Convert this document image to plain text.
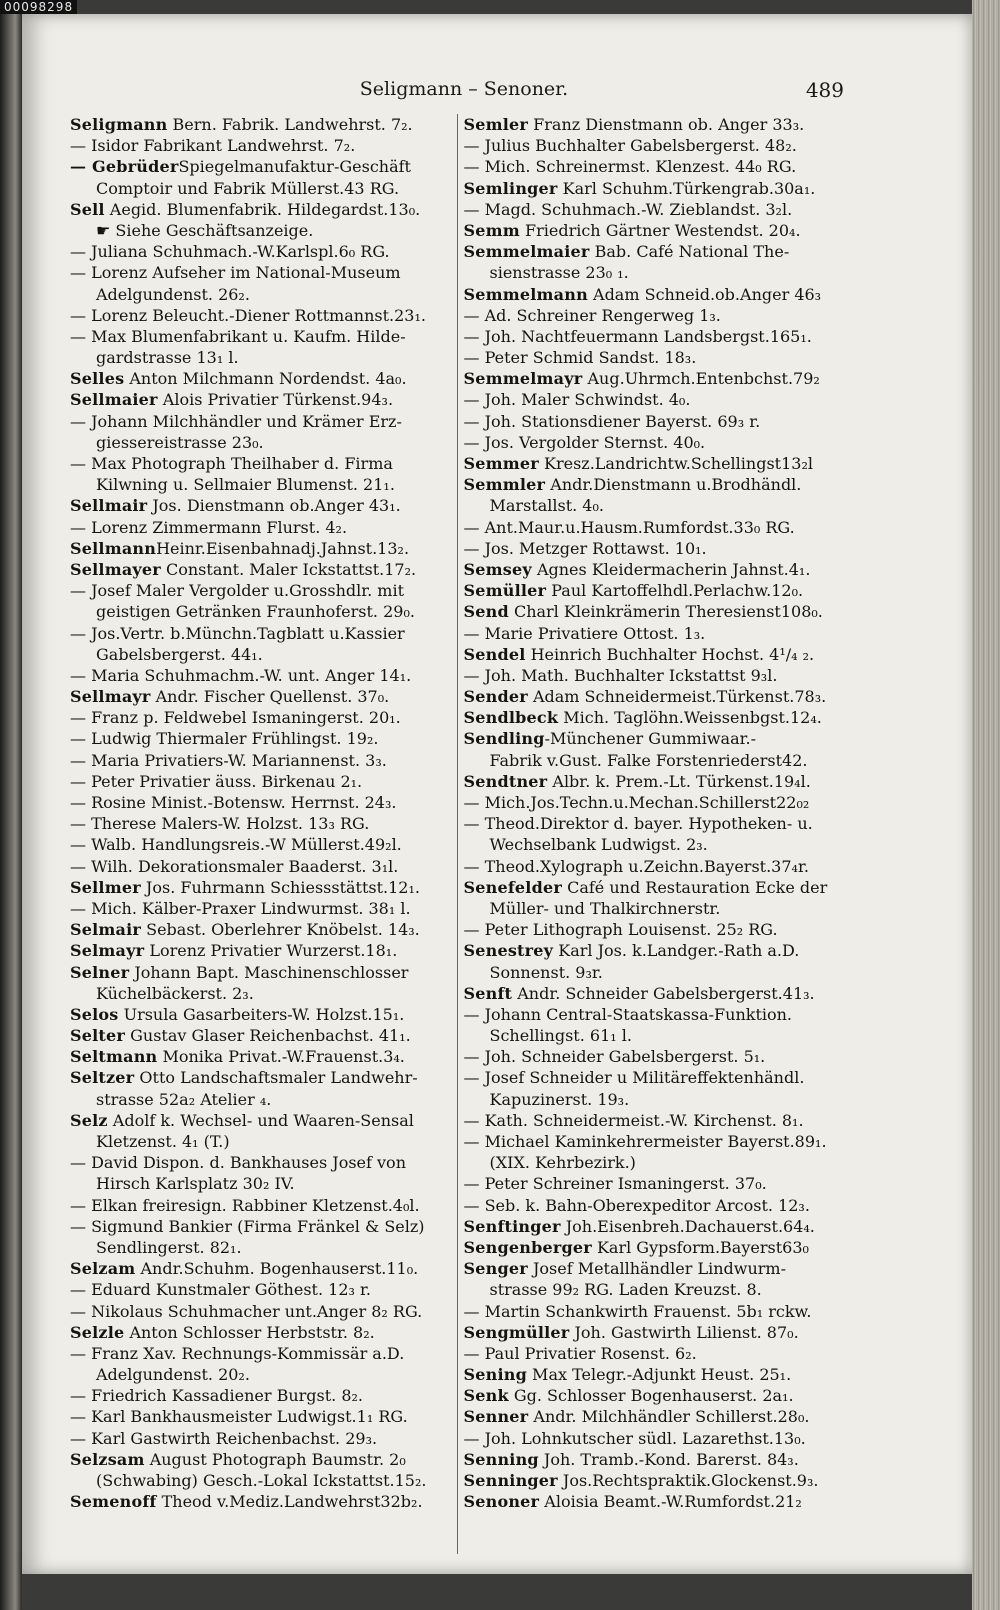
00098298
Seligmann – Senoner.	489
Seligmann Bern. Fabrik. Landwehrst. 7₂.
— Isidor Fabrikant Landwehrst. 7₂.
— GebrüderSpiegelmanufaktur-Geschäft
Comptoir und Fabrik Müllerst.43 RG.
Sell Aegid. Blumenfabrik. Hildegardst.13₀.
☛ Siehe Geschäftsanzeige.
— Juliana Schuhmach.-W.Karlspl.6₀ RG.
— Lorenz Aufseher im National-Museum
Adelgundenst. 26₂.
— Lorenz Beleucht.-Diener Rottmannst.23₁.
— Max Blumenfabrikant u. Kaufm. Hilde-
gardstrasse 13₁ l.
Selles Anton Milchmann Nordendst. 4a₀.
Sellmaier Alois Privatier Türkenst.94₃.
— Johann Milchhändler und Krämer Erz-
giessereistrasse 23₀.
— Max Photograph Theilhaber d. Firma
Kilwning u. Sellmaier Blumenst. 21₁.
Sellmair Jos. Dienstmann ob.Anger 43₁.
— Lorenz Zimmermann Flurst. 4₂.
SellmannHeinr.Eisenbahnadj.Jahnst.13₂.
Sellmayer Constant. Maler Ickstattst.17₂.
— Josef Maler Vergolder u.Grosshdlr. mit
geistigen Getränken Fraunhoferst. 29₀.
— Jos.Vertr. b.Münchn.Tagblatt u.Kassier
Gabelsbergerst. 44₁.
— Maria Schuhmachm.-W. unt. Anger 14₁.
Sellmayr Andr. Fischer Quellenst. 37₀.
— Franz p. Feldwebel Ismaningerst. 20₁.
— Ludwig Thiermaler Frühlingst. 19₂.
— Maria Privatiers-W. Mariannenst. 3₃.
— Peter Privatier äuss. Birkenau 2₁.
— Rosine Minist.-Botensw. Herrnst. 24₃.
— Therese Malers-W. Holzst. 13₃ RG.
— Walb. Handlungsreis.-W Müllerst.49₂l.
— Wilh. Dekorationsmaler Baaderst. 3₁l.
Sellmer Jos. Fuhrmann Schiessstättst.12₁.
— Mich. Kälber-Praxer Lindwurmst. 38₁ l.
Selmair Sebast. Oberlehrer Knöbelst. 14₃.
Selmayr Lorenz Privatier Wurzerst.18₁.
Selner Johann Bapt. Maschinenschlosser
Küchelbäckerst. 2₃.
Selos Ursula Gasarbeiters-W. Holzst.15₁.
Selter Gustav Glaser Reichenbachst. 41₁.
Seltmann Monika Privat.-W.Frauenst.3₄.
Seltzer Otto Landschaftsmaler Landwehr-
strasse 52a₂ Atelier ₄.
Selz Adolf k. Wechsel- und Waaren-Sensal
Kletzenst. 4₁ (T.)
— David Dispon. d. Bankhauses Josef von
Hirsch Karlsplatz 30₂ IV.
— Elkan freiresign. Rabbiner Kletzenst.4₀l.
— Sigmund Bankier (Firma Fränkel & Selz)
Sendlingerst. 82₁.
Selzam Andr.Schuhm. Bogenhauserst.11₀.
— Eduard Kunstmaler Göthest. 12₃ r.
— Nikolaus Schuhmacher unt.Anger 8₂ RG.
Selzle Anton Schlosser Herbststr. 8₂.
— Franz Xav. Rechnungs-Kommissär a.D.
Adelgundenst. 20₂.
— Friedrich Kassadiener Burgst. 8₂.
— Karl Bankhausmeister Ludwigst.1₁ RG.
— Karl Gastwirth Reichenbachst. 29₃.
Selzsam August Photograph Baumstr. 2₀
(Schwabing) Gesch.-Lokal Ickstattst.15₂.
Semenoff Theod v.Mediz.Landwehrst32b₂.
Semler Franz Dienstmann ob. Anger 33₃.
— Julius Buchhalter Gabelsbergerst. 48₂.
— Mich. Schreinermst. Klenzest. 44₀ RG.
Semlinger Karl Schuhm.Türkengrab.30a₁.
— Magd. Schuhmach.-W. Zieblandst. 3₂l.
Semm Friedrich Gärtner Westendst. 20₄.
Semmelmaier Bab. Café National The-
sienstrasse 23₀ ₁.
Semmelmann Adam Schneid.ob.Anger 46₃
— Ad. Schreiner Rengerweg 1₃.
— Joh. Nachtfeuermann Landsbergst.165₁.
— Peter Schmid Sandst. 18₃.
Semmelmayr Aug.Uhrmch.Entenbchst.79₂
— Joh. Maler Schwindst. 4₀.
— Joh. Stationsdiener Bayerst. 69₃ r.
— Jos. Vergolder Sternst. 40₀.
Semmer Kresz.Landrichtw.Schellingst13₂l
Semmler Andr.Dienstmann u.Brodhändl.
Marstallst. 4₀.
— Ant.Maur.u.Hausm.Rumfordst.33₀ RG.
— Jos. Metzger Rottawst. 10₁.
Semsey Agnes Kleidermacherin Jahnst.4₁.
Semüller Paul Kartoffelhdl.Perlachw.12₀.
Send Charl Kleinkrämerin Theresienst108₀.
— Marie Privatiere Ottost. 1₃.
Sendel Heinrich Buchhalter Hochst. 4¹/₄ ₂.
— Joh. Math. Buchhalter Ickstattst 9₃l.
Sender Adam Schneidermeist.Türkenst.78₃.
Sendlbeck Mich. Taglöhn.Weissenbgst.12₄.
Sendling-Münchener Gummiwaar.-
Fabrik v.Gust. Falke Forstenriederst42.
Sendtner Albr. k. Prem.-Lt. Türkenst.19₄l.
— Mich.Jos.Techn.u.Mechan.Schillerst22₀₂
— Theod.Direktor d. bayer. Hypotheken- u.
Wechselbank Ludwigst. 2₃.
— Theod.Xylograph u.Zeichn.Bayerst.37₄r.
Senefelder Café und Restauration Ecke der
Müller- und Thalkirchnerstr.
— Peter Lithograph Louisenst. 25₂ RG.
Senestrey Karl Jos. k.Landger.-Rath a.D.
Sonnenst. 9₃r.
Senft Andr. Schneider Gabelsbergerst.41₃.
— Johann Central-Staatskassa-Funktion.
Schellingst. 61₁ l.
— Joh. Schneider Gabelsbergerst. 5₁.
— Josef Schneider u Militäreffektenhändl.
Kapuzinerst. 19₃.
— Kath. Schneidermeist.-W. Kirchenst. 8₁.
— Michael Kaminkehrermeister Bayerst.89₁.
(XIX. Kehrbezirk.)
— Peter Schreiner Ismaningerst. 37₀.
— Seb. k. Bahn-Oberexpeditor Arcost. 12₃.
Senftinger Joh.Eisenbreh.Dachauerst.64₄.
Sengenberger Karl Gypsform.Bayerst63₀
Senger Josef Metallhändler Lindwurm-
strasse 99₂ RG. Laden Kreuzst. 8.
— Martin Schankwirth Frauenst. 5b₁ rckw.
Sengmüller Joh. Gastwirth Lilienst. 87₀.
— Paul Privatier Rosenst. 6₂.
Sening Max Telegr.-Adjunkt Heust. 25₁.
Senk Gg. Schlosser Bogenhauserst. 2a₁.
Senner Andr. Milchhändler Schillerst.28₀.
— Joh. Lohnkutscher südl. Lazarethst.13₀.
Senning Joh. Tramb.-Kond. Barerst. 84₃.
Senninger Jos.Rechtspraktik.Glockenst.9₃.
Senoner Aloisia Beamt.-W.Rumfordst.21₂
